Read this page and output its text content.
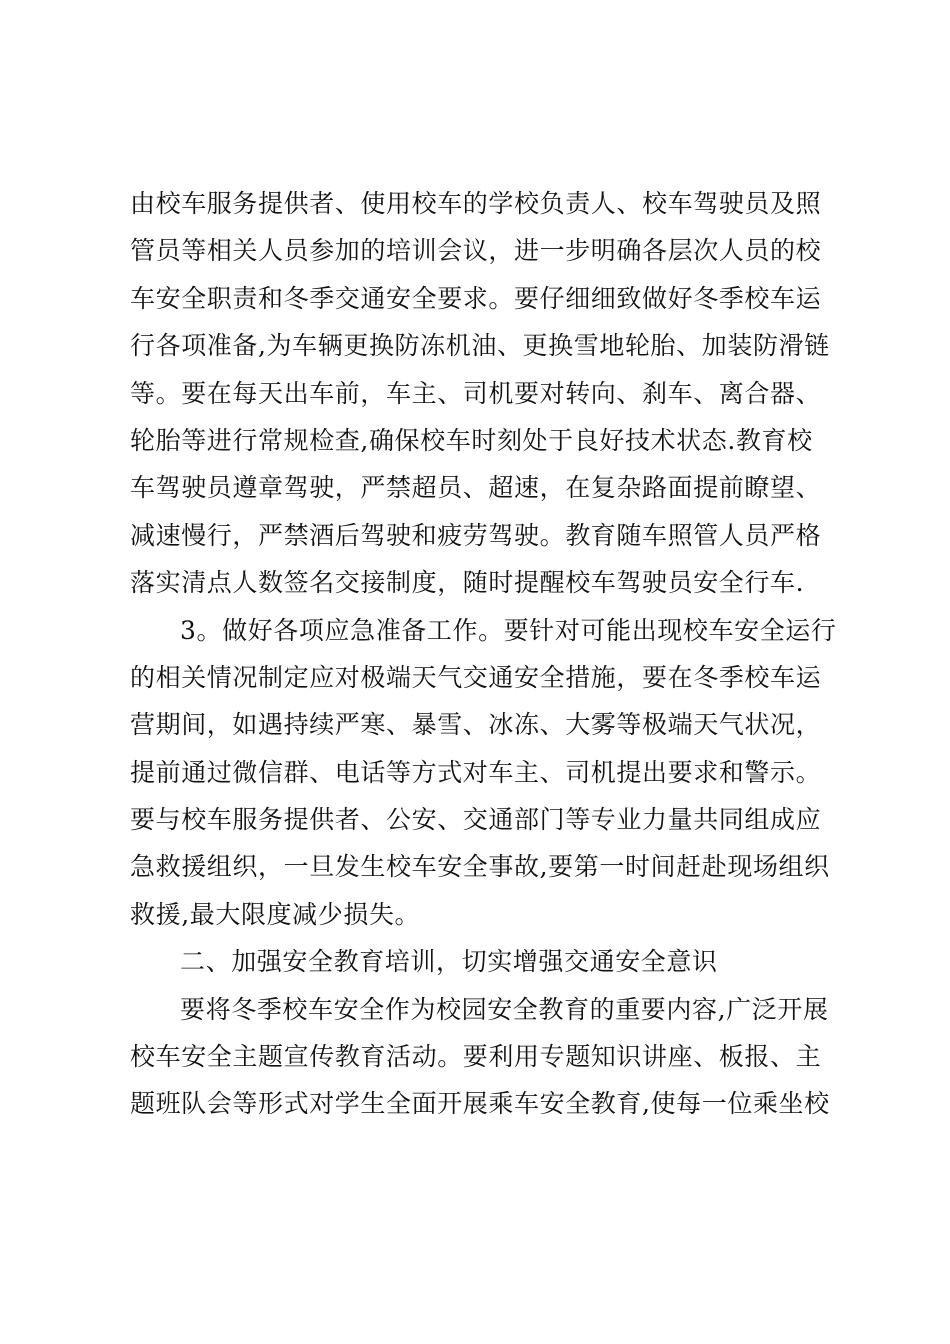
由校车服务提供者、使用校车的学校负责人、校车驾驶员及照
管员等相关人员参加的培训会议，进一步明确各层次人员的校
车安全职责和冬季交通安全要求。要仔细细致做好冬季校车运
行各项准备,为车辆更换防冻机油、更换雪地轮胎、加装防滑链
等。要在每天出车前，车主、司机要对转向、刹车、离合器、
轮胎等进行常规检查,确保校车时刻处于良好技术状态.教育校
车驾驶员遵章驾驶，严禁超员、超速，在复杂路面提前瞭望、
减速慢行，严禁酒后驾驶和疲劳驾驶。教育随车照管人员严格
落实清点人数签名交接制度，随时提醒校车驾驶员安全行车.
3。做好各项应急准备工作。要针对可能出现校车安全运行
的相关情况制定应对极端天气交通安全措施，要在冬季校车运
营期间，如遇持续严寒、暴雪、冰冻、大雾等极端天气状况，
提前通过微信群、电话等方式对车主、司机提出要求和警示。
要与校车服务提供者、公安、交通部门等专业力量共同组成应
急救援组织，一旦发生校车安全事故,要第一时间赶赴现场组织
救援,最大限度减少损失。
二、加强安全教育培训，切实增强交通安全意识
要将冬季校车安全作为校园安全教育的重要内容,广泛开展
校车安全主题宣传教育活动。要利用专题知识讲座、板报、主
题班队会等形式对学生全面开展乘车安全教育,使每一位乘坐校
